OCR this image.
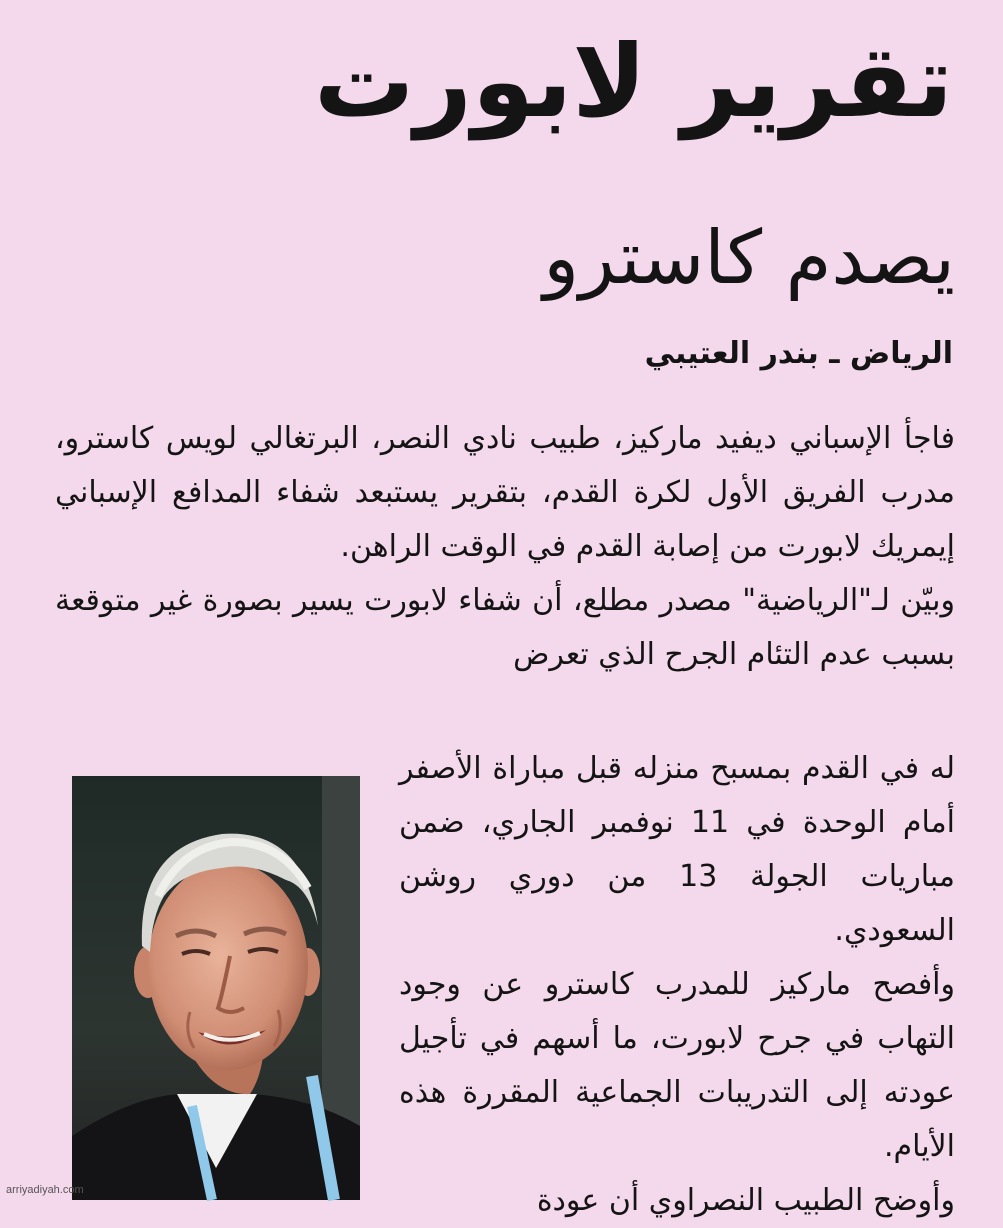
تقرير لابورت
يصدم كاسترو
الرياض ـ بندر العتيبي

فاجأ الإسباني ديفيد ماركيز، طبيب نادي النصر، البرتغالي لويس كاسترو، مدرب الفريق الأول لكرة القدم، بتقرير يستبعد شفاء المدافع الإسباني إيمريك لابورت من إصابة القدم في الوقت الراهن.

وبيّن لـ"الرياضية" مصدر مطلع، أن شفاء لابورت يسير بصورة غير متوقعة بسبب عدم التئام الجرح الذي تعرض

له في القدم بمسبح منزله قبل مباراة الأصفر أمام الوحدة في 11 نوفمبر الجاري، ضمن مباريات الجولة 13 من دوري روشن السعودي.

وأفصح ماركيز للمدرب كاسترو عن وجود التهاب في جرح لابورت، ما أسهم في تأجيل عودته إلى التدريبات الجماعية المقررة هذه الأيام.

وأوضح الطبيب النصراوي أن عودة

arriyadiyah.com
